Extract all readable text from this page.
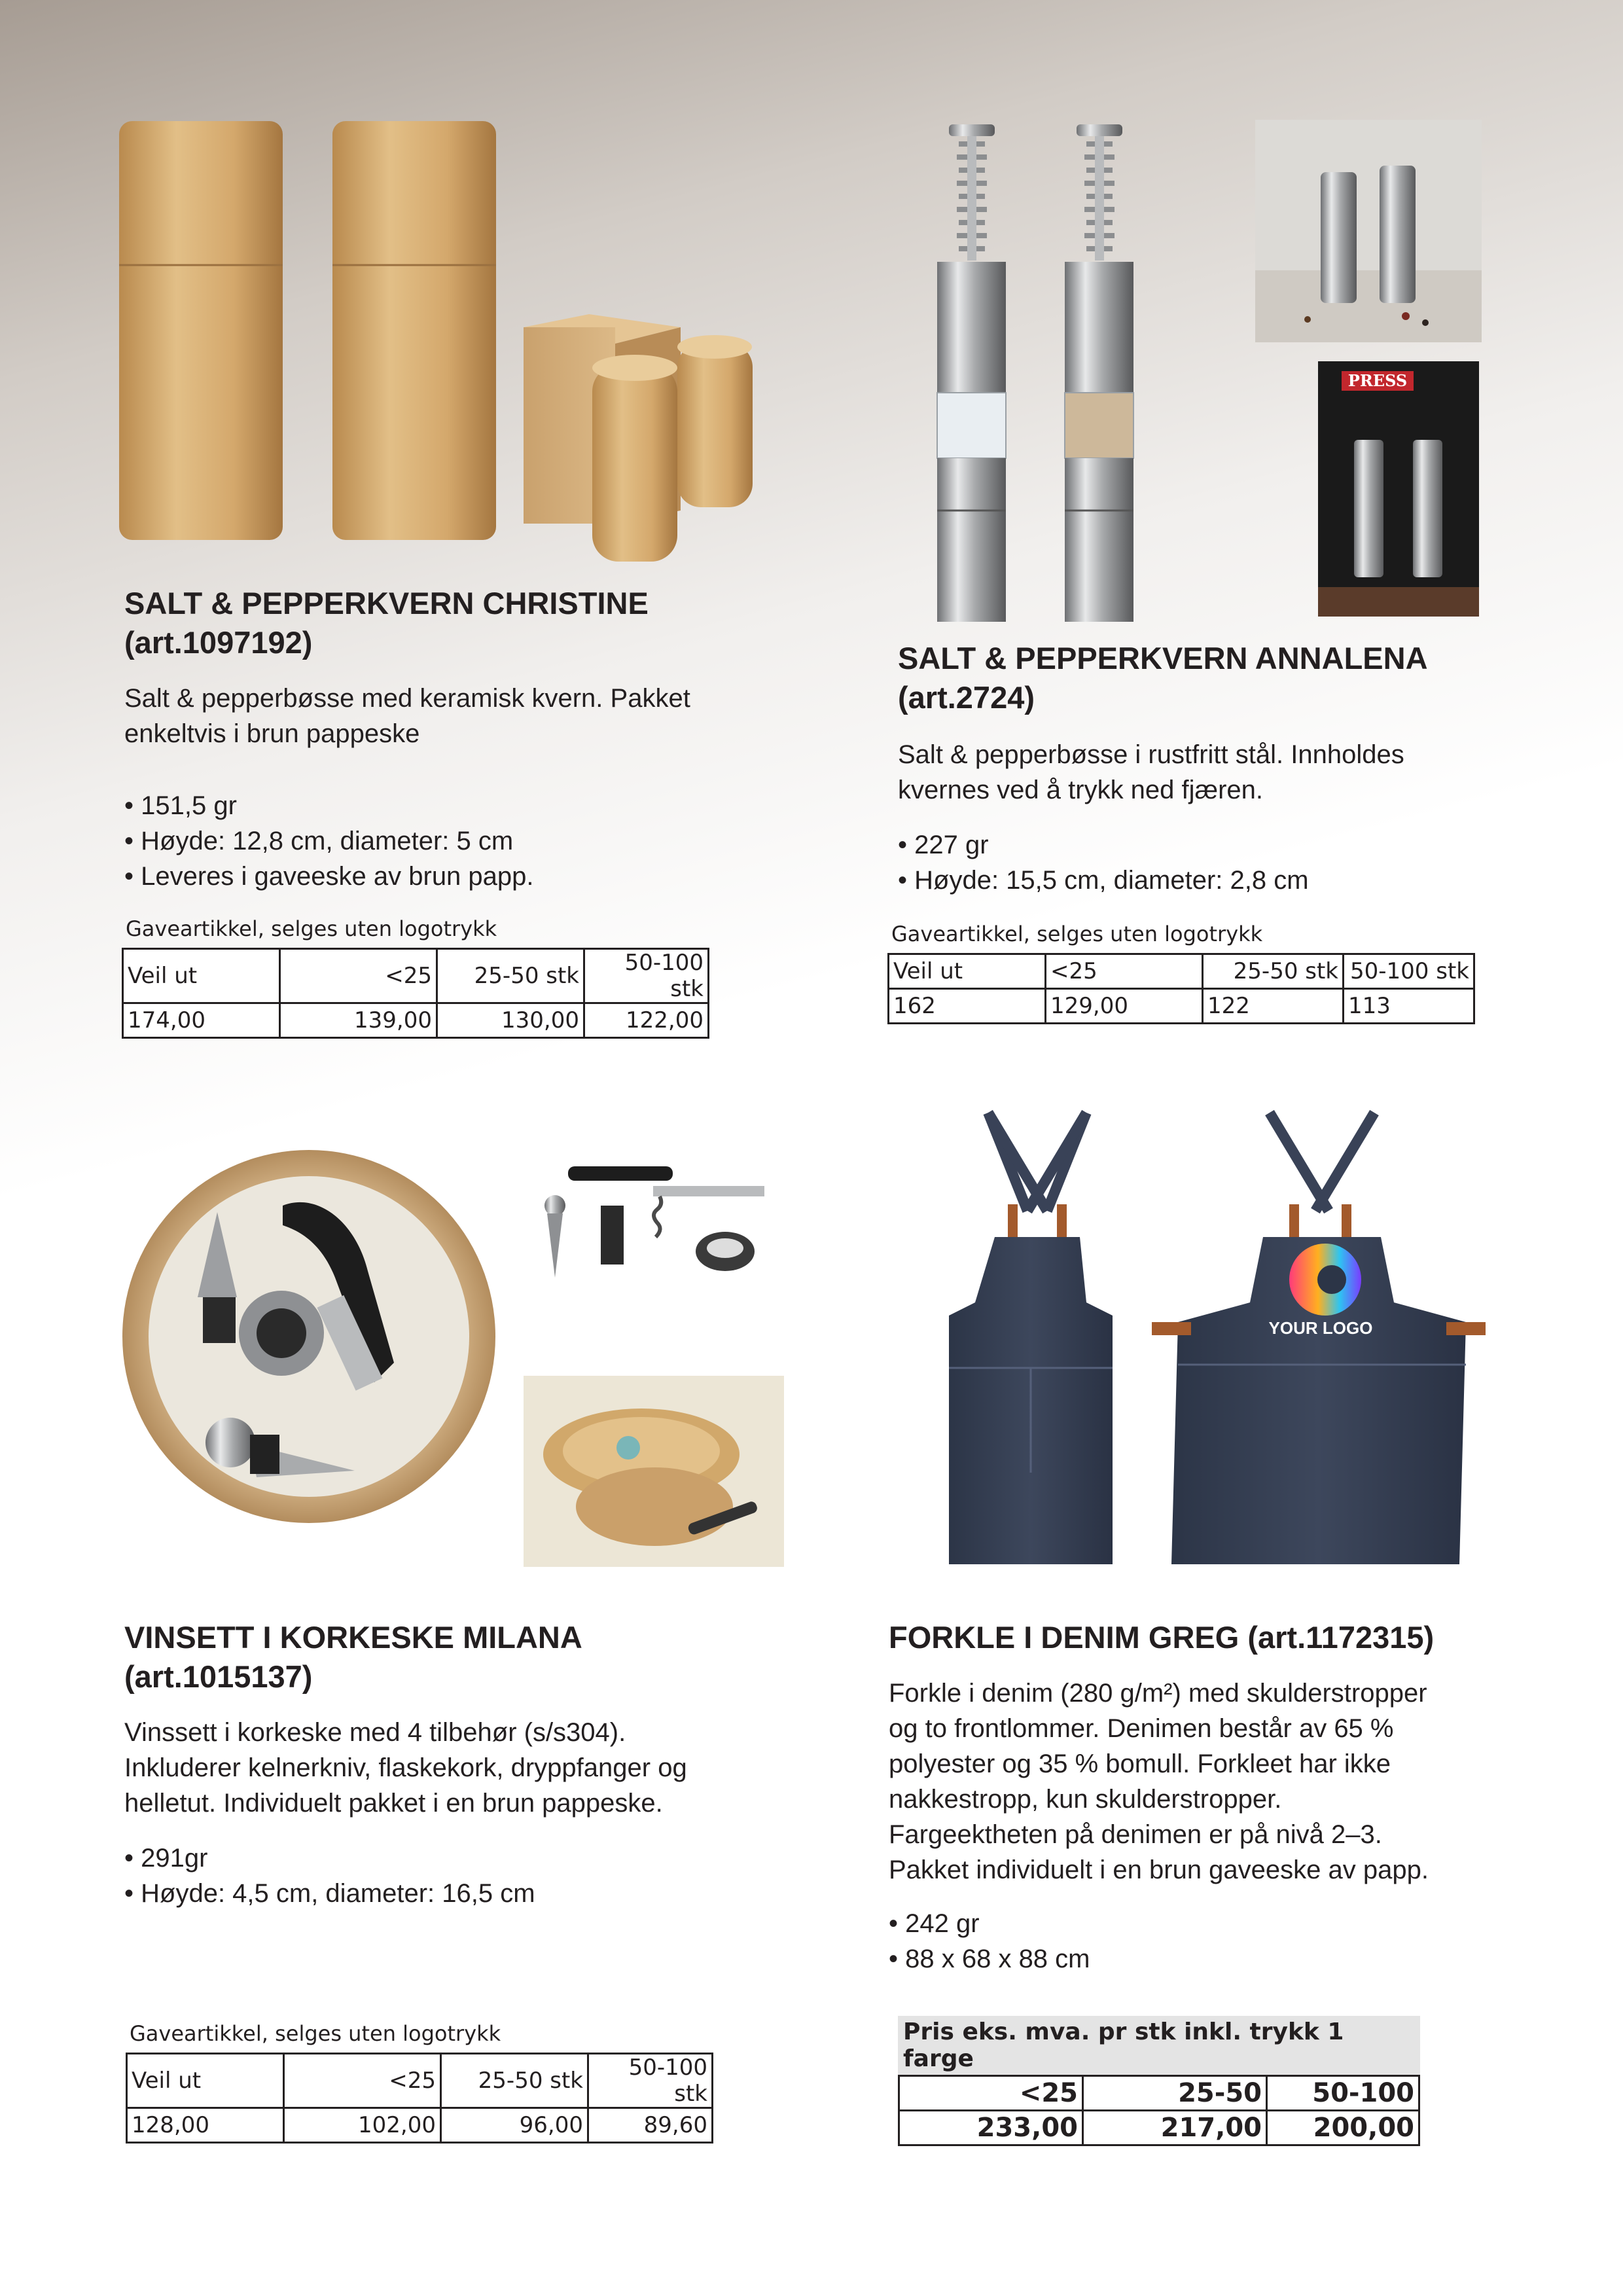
SALT & PEPPERKVERN CHRISTINE
(art.1097192)
Salt & pepperbøsse med keramisk kvern. Pakket
enkeltvis i brun pappeske
• 151,5 gr
• Høyde: 12,8 cm, diameter: 5 cm
• Leveres i gaveeske av brun papp.
Gaveartikkel, selges uten logotrykk
Veil ut	<25	25-50 stk	50-100 stk
174,00	139,00	130,00	122,00
PRESS
SALT & PEPPERKVERN ANNALENA
(art.2724)
Salt & pepperbøsse i rustfritt stål. Innholdes
kvernes ved å trykk ned fjæren.
• 227 gr
• Høyde: 15,5 cm, diameter: 2,8 cm
Gaveartikkel, selges uten logotrykk
Veil ut	<25	25-50 stk	50-100 stk
162	129,00	122	113
VINSETT I KORKESKE MILANA
(art.1015137)
Vinssett i korkeske med 4 tilbehør (s/s304).
Inkluderer kelnerkniv, flaskekork, dryppfanger og
helletut. Individuelt pakket i en brun pappeske.
• 291gr
• Høyde: 4,5 cm, diameter: 16,5 cm
Gaveartikkel, selges uten logotrykk
Veil ut	<25	25-50 stk	50-100 stk
128,00	102,00	96,00	89,60
YOUR LOGO
FORKLE I DENIM GREG (art.1172315)
Forkle i denim (280 g/m²) med skulderstropper
og to frontlommer. Denimen består av 65 %
polyester og 35 % bomull. Forkleet har ikke
nakkestropp, kun skulderstropper.
Fargeektheten på denimen er på nivå 2–3.
Pakket individuelt i en brun gaveeske av papp.
• 242 gr
• 88 x 68 x 88 cm
Pris eks. mva. pr stk inkl. trykk 1 farge
<25	25-50	50-100
233,00	217,00	200,00
